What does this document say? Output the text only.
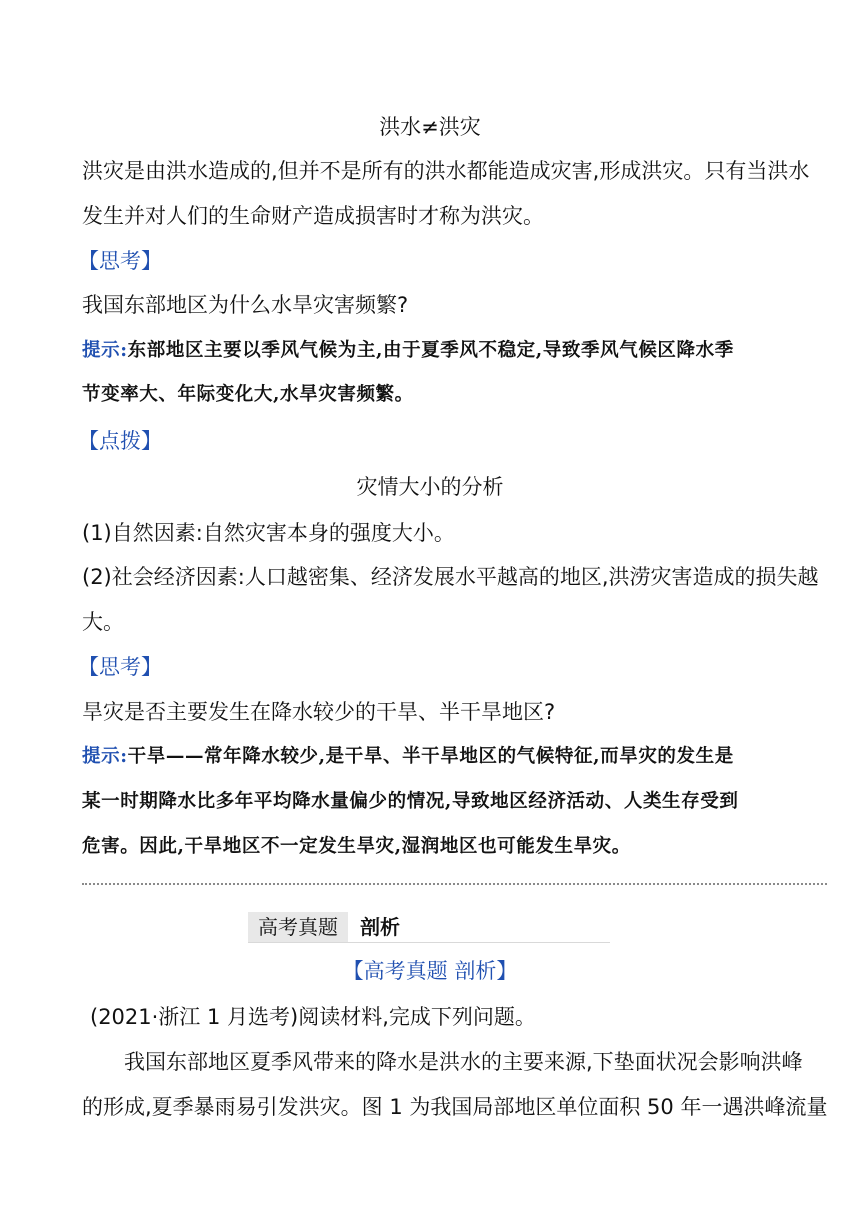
洪水≠洪灾
洪灾是由洪水造成的,但并不是所有的洪水都能造成灾害,形成洪灾。只有当洪水
发生并对人们的生命财产造成损害时才称为洪灾。
【思考】
我国东部地区为什么水旱灾害频繁?
提示:东部地区主要以季风气候为主,由于夏季风不稳定,导致季风气候区降水季
节变率大、年际变化大,水旱灾害频繁。
【点拨】
灾情大小的分析
(1)自然因素:自然灾害本身的强度大小。
(2)社会经济因素:人口越密集、经济发展水平越高的地区,洪涝灾害造成的损失越
大。
【思考】
旱灾是否主要发生在降水较少的干旱、半干旱地区?
提示:干旱——常年降水较少,是干旱、半干旱地区的气候特征,而旱灾的发生是
某一时期降水比多年平均降水量偏少的情况,导致地区经济活动、人类生存受到
危害。因此,干旱地区不一定发生旱灾,湿润地区也可能发生旱灾。
高考真题 剖析
【高考真题 剖析】
(2021·浙江 1 月选考)阅读材料,完成下列问题。
我国东部地区夏季风带来的降水是洪水的主要来源,下垫面状况会影响洪峰
的形成,夏季暴雨易引发洪灾。图 1 为我国局部地区单位面积 50 年一遇洪峰流量
